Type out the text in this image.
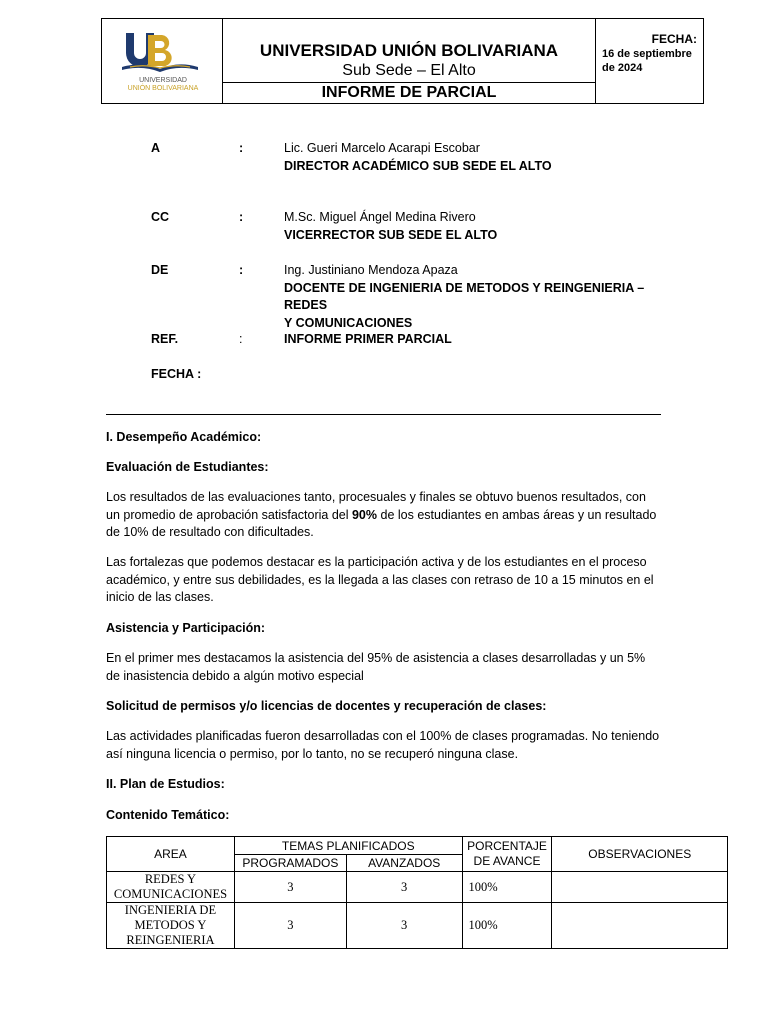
UNIVERSIDAD
UNIÓN BOLIVARIANA
UNIVERSIDAD UNIÓN BOLIVARIANA
Sub Sede – El Alto
INFORME DE PARCIAL
FECHA:
16 de septiembre de 2024
A	:	Lic. Gueri Marcelo Acarapi Escobar
DIRECTOR ACADÉMICO SUB SEDE EL ALTO
CC	:	M.Sc. Miguel Ángel Medina Rivero
VICERRECTOR SUB SEDE EL ALTO
DE	:	Ing. Justiniano Mendoza Apaza
DOCENTE DE INGENIERIA DE METODOS Y REINGENIERIA – REDES
Y COMUNICACIONES
REF.	:	INFORME PRIMER PARCIAL
FECHA :
I. Desempeño Académico:
Evaluación de Estudiantes:
Los resultados de las evaluaciones tanto, procesuales y finales se obtuvo buenos resultados, con un promedio de aprobación satisfactoria del 90% de los estudiantes en ambas áreas y un resultado de 10% de resultado con dificultades.
Las fortalezas que podemos destacar es la participación activa y de los estudiantes en el proceso académico, y entre sus debilidades, es la llegada a las clases con retraso de 10 a 15 minutos en el inicio de las clases.
Asistencia y Participación:
En el primer mes destacamos la asistencia del 95% de asistencia a clases desarrolladas y un 5% de inasistencia debido a algún motivo especial
Solicitud de permisos y/o licencias de docentes y recuperación de clases:
Las actividades planificadas fueron desarrolladas con el 100% de clases programadas. No teniendo así ninguna licencia o permiso, por lo tanto, no se recuperó ninguna clase.
II. Plan de Estudios:
Contenido Temático:
AREA	TEMAS PLANIFICADOS		PORCENTAJE DE AVANCE	OBSERVACIONES
	PROGRAMADOS	AVANZADOS		
REDES Y COMUNICACIONES	3	3	100%	
INGENIERIA DE METODOS Y REINGENIERIA	3	3	100%	
